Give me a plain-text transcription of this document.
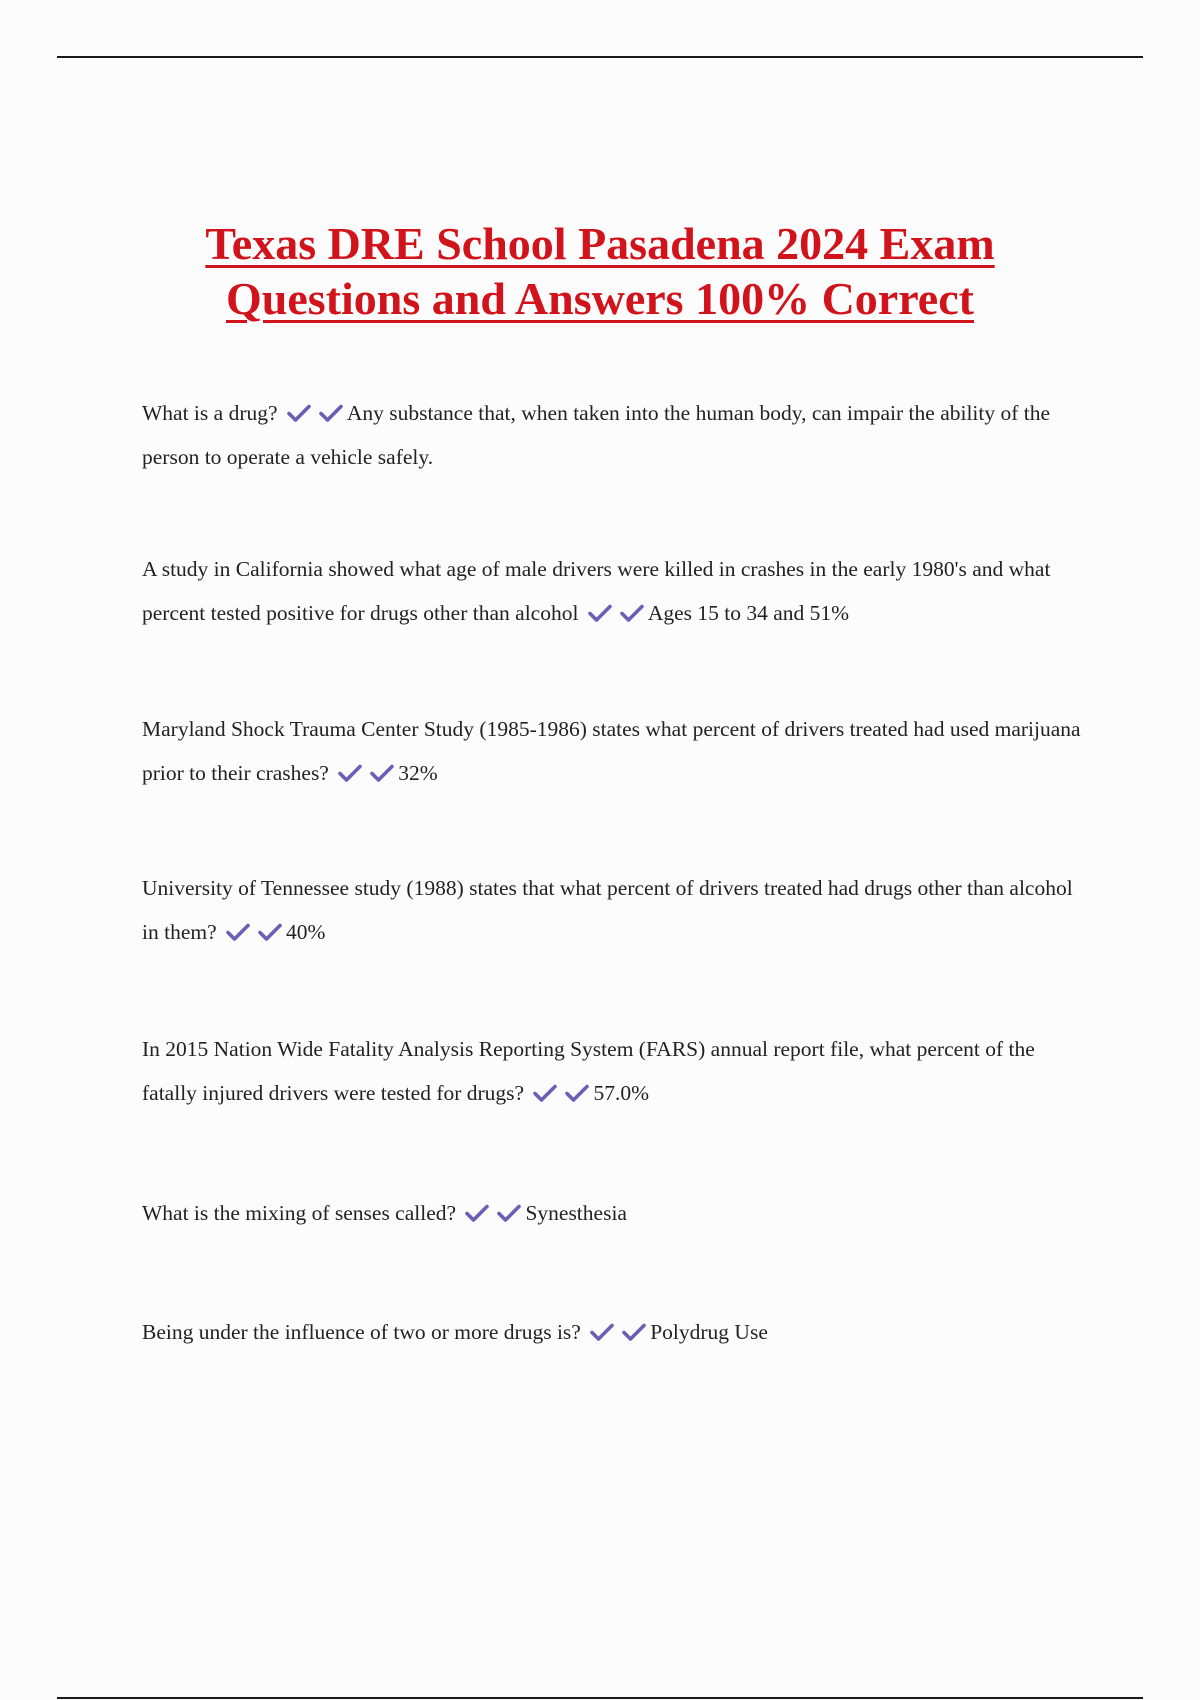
Texas DRE School Pasadena 2024 Exam
Questions and Answers 100% Correct

What is a drug?	Any substance that, when taken into the human body, can impair the ability of the person to operate a vehicle safely.

A study in California showed what age of male drivers were killed in crashes in the early 1980's and what percent tested positive for drugs other than alcohol	Ages 15 to 34 and 51%

Maryland Shock Trauma Center Study (1985-1986) states what percent of drivers treated had used marijuana prior to their crashes?	32%

University of Tennessee study (1988) states that what percent of drivers treated had drugs other than alcohol in them?	40%

In 2015 Nation Wide Fatality Analysis Reporting System (FARS) annual report file, what percent of the fatally injured drivers were tested for drugs?	57.0%

What is the mixing of senses called?	Synesthesia

Being under the influence of two or more drugs is?	Polydrug Use
